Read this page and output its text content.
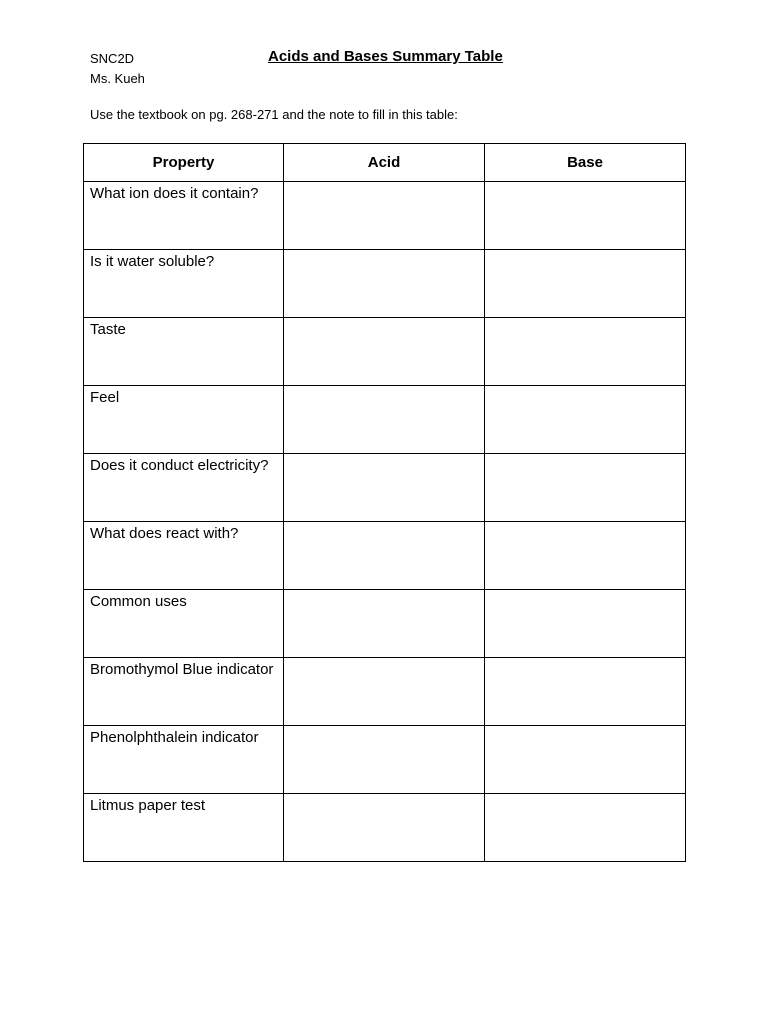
SNC2D
Ms. Kueh
Acids and Bases Summary Table
Use the textbook on pg. 268-271 and the note to fill in this table:
Property	Acid	Base
What ion does it contain?		
Is it water soluble?		
Taste		
Feel		
Does it conduct electricity?		
What does react with?		
Common uses		
Bromothymol Blue indicator		
Phenolphthalein indicator		
Litmus paper test		
